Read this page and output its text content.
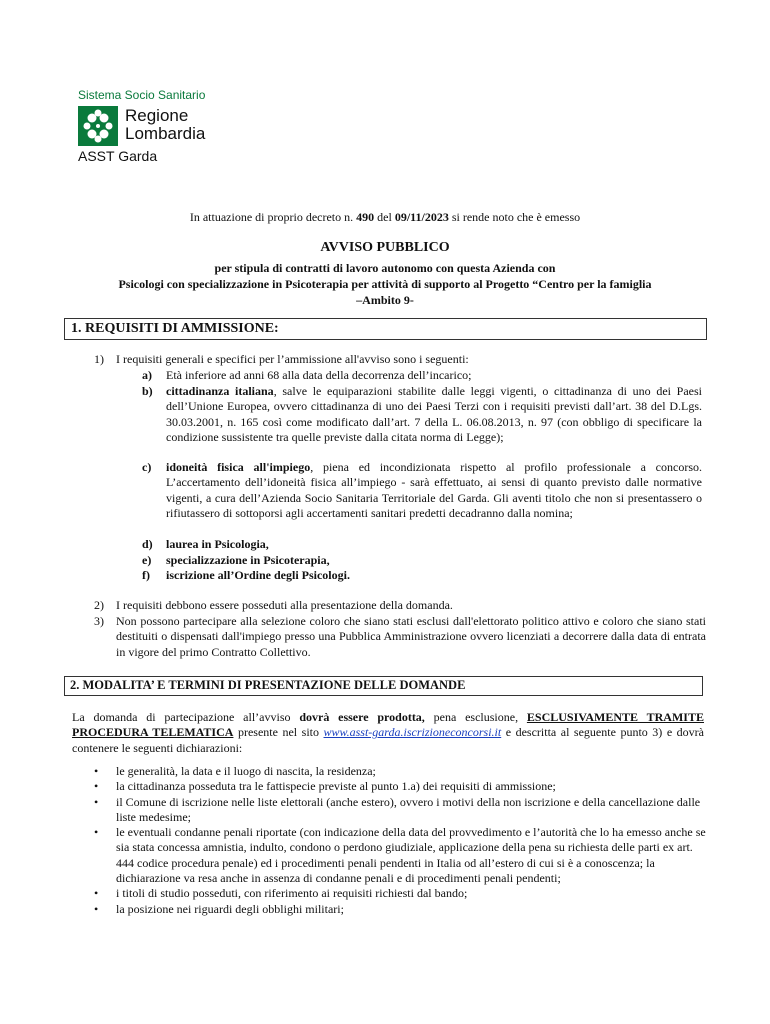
Sistema Socio Sanitario
Regione
Lombardia
ASST Garda
In attuazione di proprio decreto n. 490 del 09/11/2023 si rende noto che è emesso
AVVISO PUBBLICO
per stipula di contratti di lavoro autonomo con questa Azienda con
Psicologi con specializzazione in Psicoterapia per attività di supporto al Progetto “Centro per la famiglia
–Ambito 9-
1. REQUISITI DI AMMISSIONE:
1) I requisiti generali e specifici per l’ammissione all'avviso sono i seguenti:
a) Età inferiore ad anni 68 alla data della decorrenza dell’incarico;
b) cittadinanza italiana, salve le equiparazioni stabilite dalle leggi vigenti, o cittadinanza di uno dei Paesi dell’Unione Europea, ovvero cittadinanza di uno dei Paesi Terzi con i requisiti previsti dall’art. 38 del D.Lgs. 30.03.2001, n. 165 così come modificato dall’art. 7 della L. 06.08.2013, n. 97 (con obbligo di specificare la condizione sussistente tra quelle previste dalla citata norma di Legge);
c) idoneità fisica all'impiego, piena ed incondizionata rispetto al profilo professionale a concorso. L’accertamento dell’idoneità fisica all’impiego - sarà effettuato, ai sensi di quanto previsto dalle normative vigenti, a cura dell’Azienda Socio Sanitaria Territoriale del Garda. Gli aventi titolo che non si presentassero o rifiutassero di sottoporsi agli accertamenti sanitari predetti decadranno dalla nomina;
d) laurea in Psicologia,
e) specializzazione in Psicoterapia,
f) iscrizione all’Ordine degli Psicologi.
2) I requisiti debbono essere posseduti alla presentazione della domanda.
3) Non possono partecipare alla selezione coloro che siano stati esclusi dall'elettorato politico attivo e coloro che siano stati destituiti o dispensati dall'impiego presso una Pubblica Amministrazione ovvero licenziati a decorrere dalla data di entrata in vigore del primo Contratto Collettivo.
2. MODALITA’ E TERMINI DI PRESENTAZIONE DELLE DOMANDE
La domanda di partecipazione all’avviso dovrà essere prodotta, pena esclusione, ESCLUSIVAMENTE TRAMITE PROCEDURA TELEMATICA presente nel sito www.asst-garda.iscrizioneconcorsi.it e descritta al seguente punto 3) e dovrà contenere le seguenti dichiarazioni:
• le generalità, la data e il luogo di nascita, la residenza;
• la cittadinanza posseduta tra le fattispecie previste al punto 1.a) dei requisiti di ammissione;
• il Comune di iscrizione nelle liste elettorali (anche estero), ovvero i motivi della non iscrizione e della cancellazione dalle liste medesime;
• le eventuali condanne penali riportate (con indicazione della data del provvedimento e l’autorità che lo ha emesso anche se sia stata concessa amnistia, indulto, condono o perdono giudiziale, applicazione della pena su richiesta delle parti ex art. 444 codice procedura penale) ed i procedimenti penali pendenti in Italia od all’estero di cui si è a conoscenza; la dichiarazione va resa anche in assenza di condanne penali e di procedimenti penali pendenti;
• i titoli di studio posseduti, con riferimento ai requisiti richiesti dal bando;
• la posizione nei riguardi degli obblighi militari;
